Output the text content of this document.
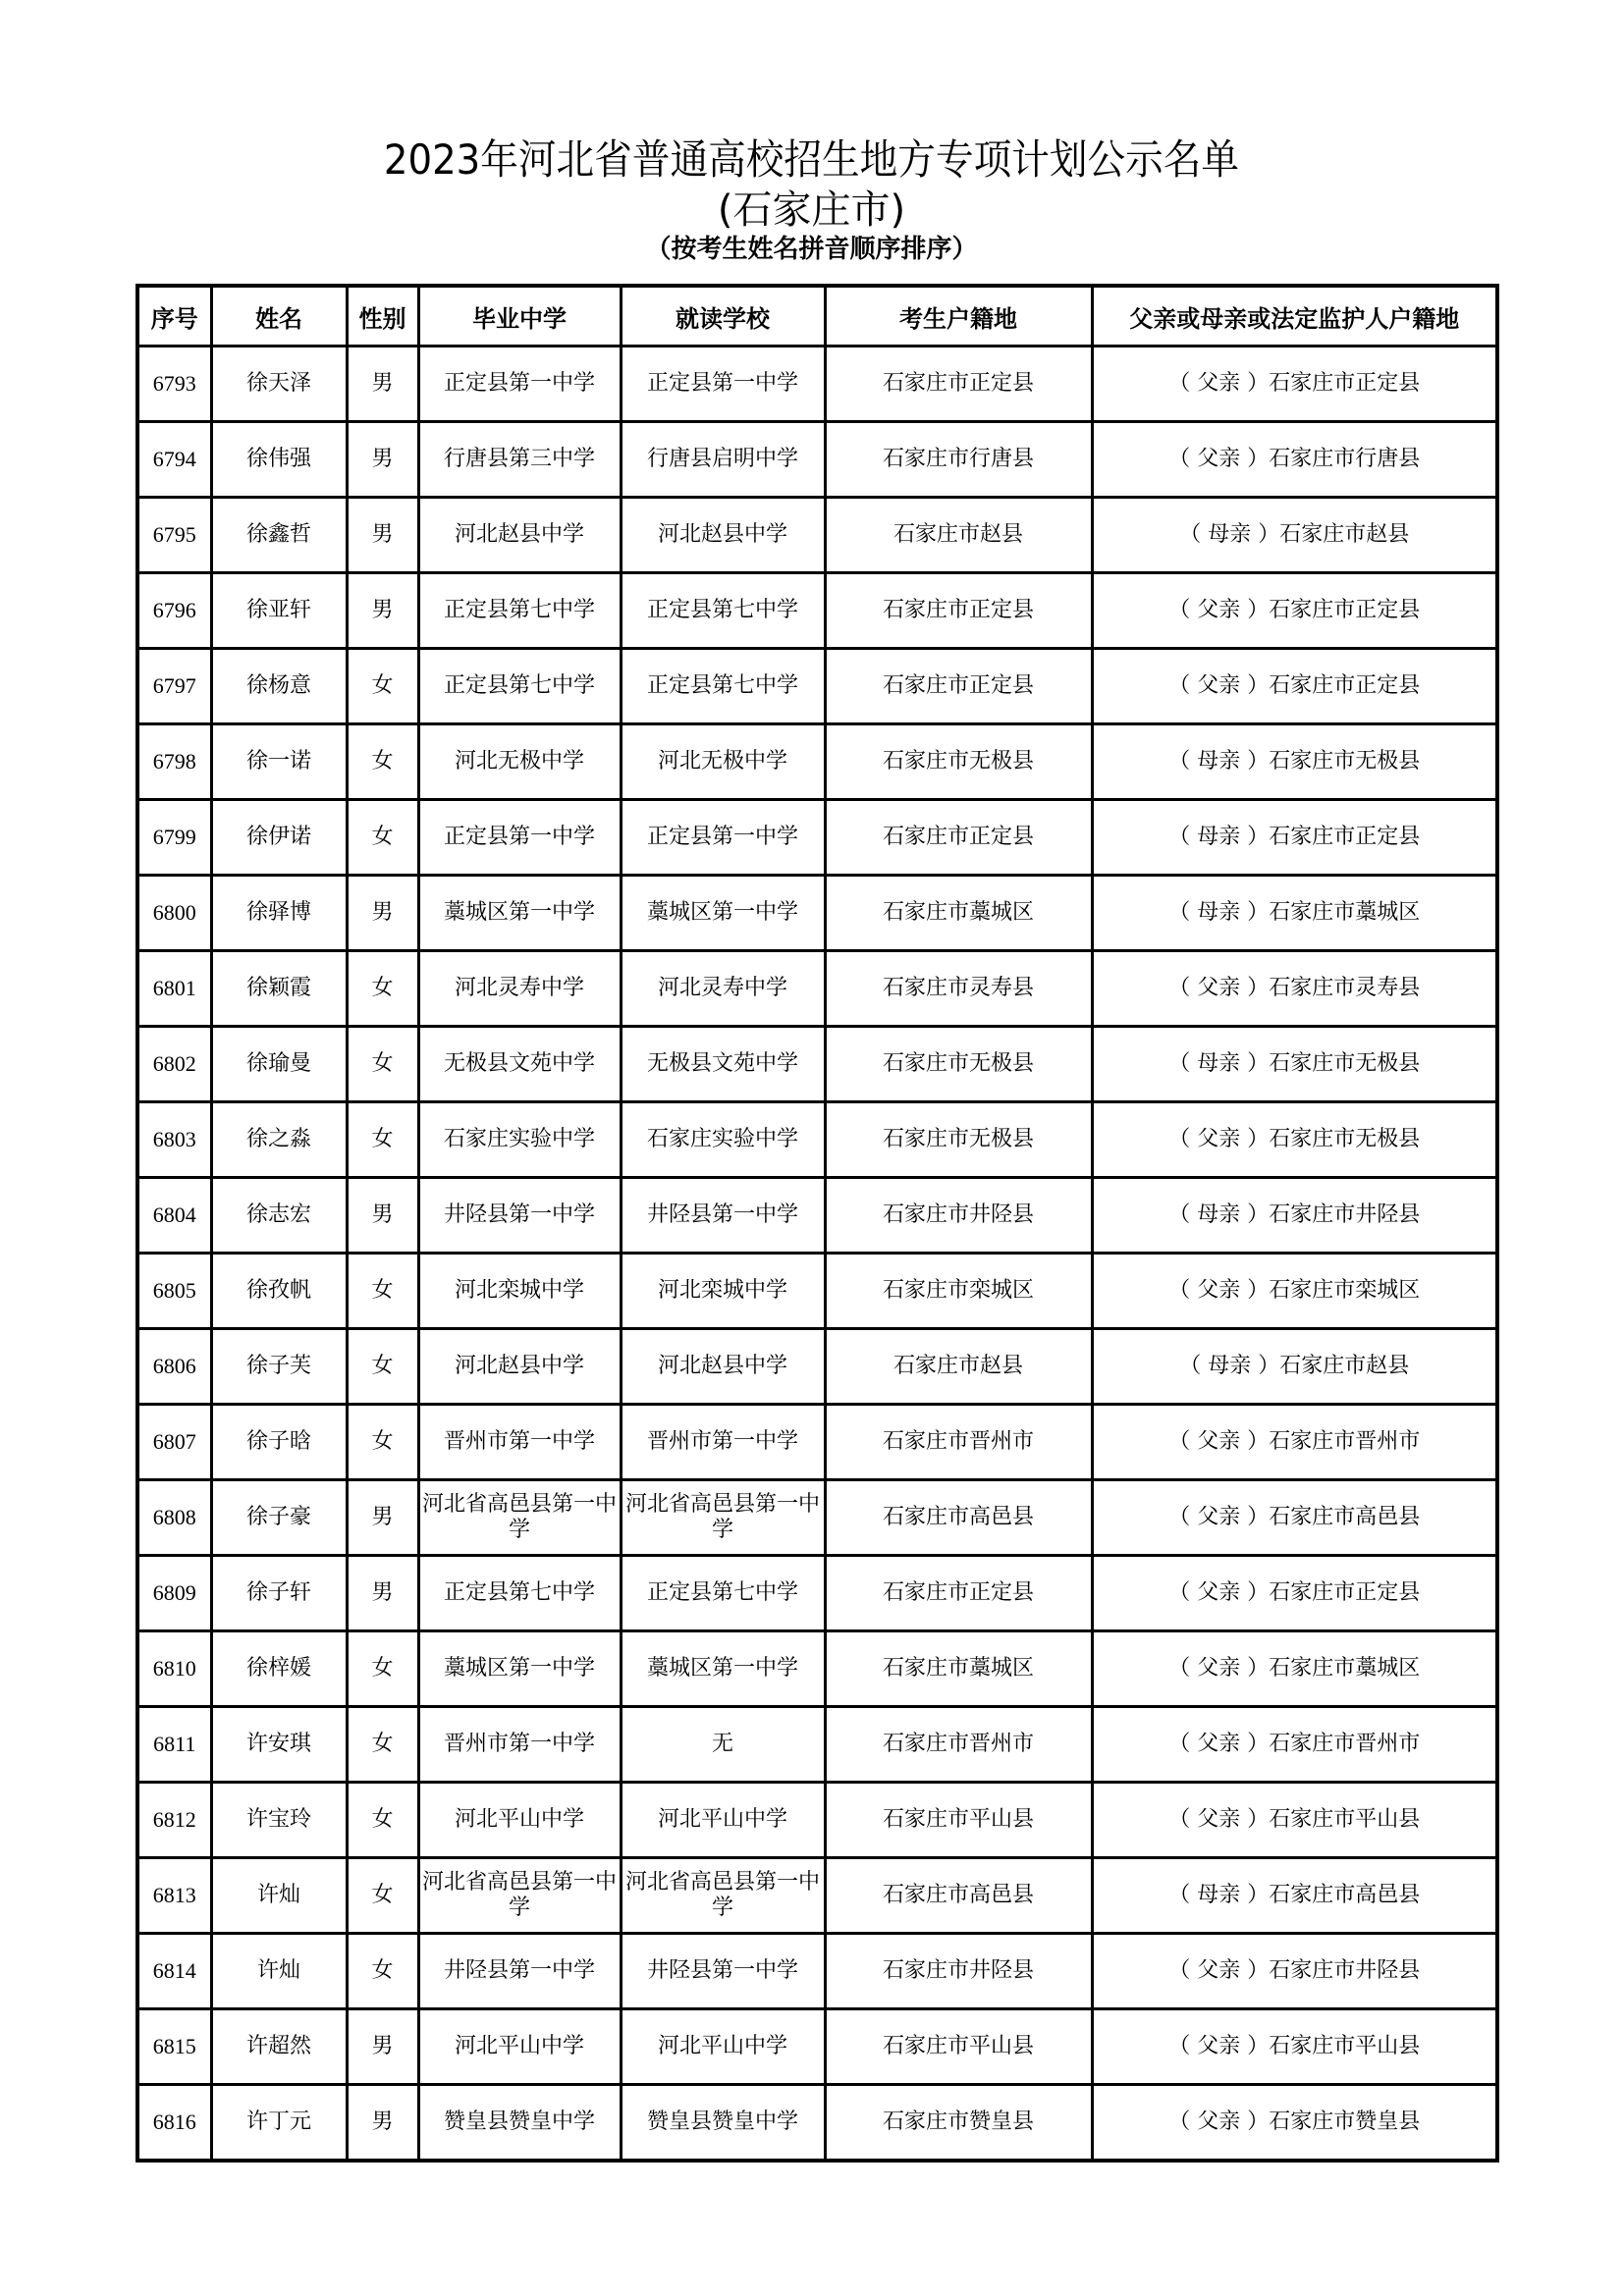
2023年河北省普通高校招生地方专项计划公示名单
(石家庄市)
（按考生姓名拼音顺序排序）
序号	姓名	性别	毕业中学	就读学校	考生户籍地	父亲或母亲或法定监护人户籍地
6793	徐天泽	男	正定县第一中学	正定县第一中学	石家庄市正定县	（ 父亲 ）石家庄市正定县
6794	徐伟强	男	行唐县第三中学	行唐县启明中学	石家庄市行唐县	（ 父亲 ）石家庄市行唐县
6795	徐鑫哲	男	河北赵县中学	河北赵县中学	石家庄市赵县	（ 母亲 ）石家庄市赵县
6796	徐亚轩	男	正定县第七中学	正定县第七中学	石家庄市正定县	（ 父亲 ）石家庄市正定县
6797	徐杨意	女	正定县第七中学	正定县第七中学	石家庄市正定县	（ 父亲 ）石家庄市正定县
6798	徐一诺	女	河北无极中学	河北无极中学	石家庄市无极县	（ 母亲 ）石家庄市无极县
6799	徐伊诺	女	正定县第一中学	正定县第一中学	石家庄市正定县	（ 母亲 ）石家庄市正定县
6800	徐驿博	男	藁城区第一中学	藁城区第一中学	石家庄市藁城区	（ 母亲 ）石家庄市藁城区
6801	徐颖霞	女	河北灵寿中学	河北灵寿中学	石家庄市灵寿县	（ 父亲 ）石家庄市灵寿县
6802	徐瑜曼	女	无极县文苑中学	无极县文苑中学	石家庄市无极县	（ 母亲 ）石家庄市无极县
6803	徐之淼	女	石家庄实验中学	石家庄实验中学	石家庄市无极县	（ 父亲 ）石家庄市无极县
6804	徐志宏	男	井陉县第一中学	井陉县第一中学	石家庄市井陉县	（ 母亲 ）石家庄市井陉县
6805	徐孜帆	女	河北栾城中学	河北栾城中学	石家庄市栾城区	（ 父亲 ）石家庄市栾城区
6806	徐子芙	女	河北赵县中学	河北赵县中学	石家庄市赵县	（ 母亲 ）石家庄市赵县
6807	徐子晗	女	晋州市第一中学	晋州市第一中学	石家庄市晋州市	（ 父亲 ）石家庄市晋州市
6808	徐子豪	男	河北省高邑县第一中学	河北省高邑县第一中学	石家庄市高邑县	（ 父亲 ）石家庄市高邑县
6809	徐子轩	男	正定县第七中学	正定县第七中学	石家庄市正定县	（ 父亲 ）石家庄市正定县
6810	徐梓媛	女	藁城区第一中学	藁城区第一中学	石家庄市藁城区	（ 父亲 ）石家庄市藁城区
6811	许安琪	女	晋州市第一中学	无	石家庄市晋州市	（ 父亲 ）石家庄市晋州市
6812	许宝玲	女	河北平山中学	河北平山中学	石家庄市平山县	（ 父亲 ）石家庄市平山县
6813	许灿	女	河北省高邑县第一中学	河北省高邑县第一中学	石家庄市高邑县	（ 母亲 ）石家庄市高邑县
6814	许灿	女	井陉县第一中学	井陉县第一中学	石家庄市井陉县	（ 父亲 ）石家庄市井陉县
6815	许超然	男	河北平山中学	河北平山中学	石家庄市平山县	（ 父亲 ）石家庄市平山县
6816	许丁元	男	赞皇县赞皇中学	赞皇县赞皇中学	石家庄市赞皇县	（ 父亲 ）石家庄市赞皇县
